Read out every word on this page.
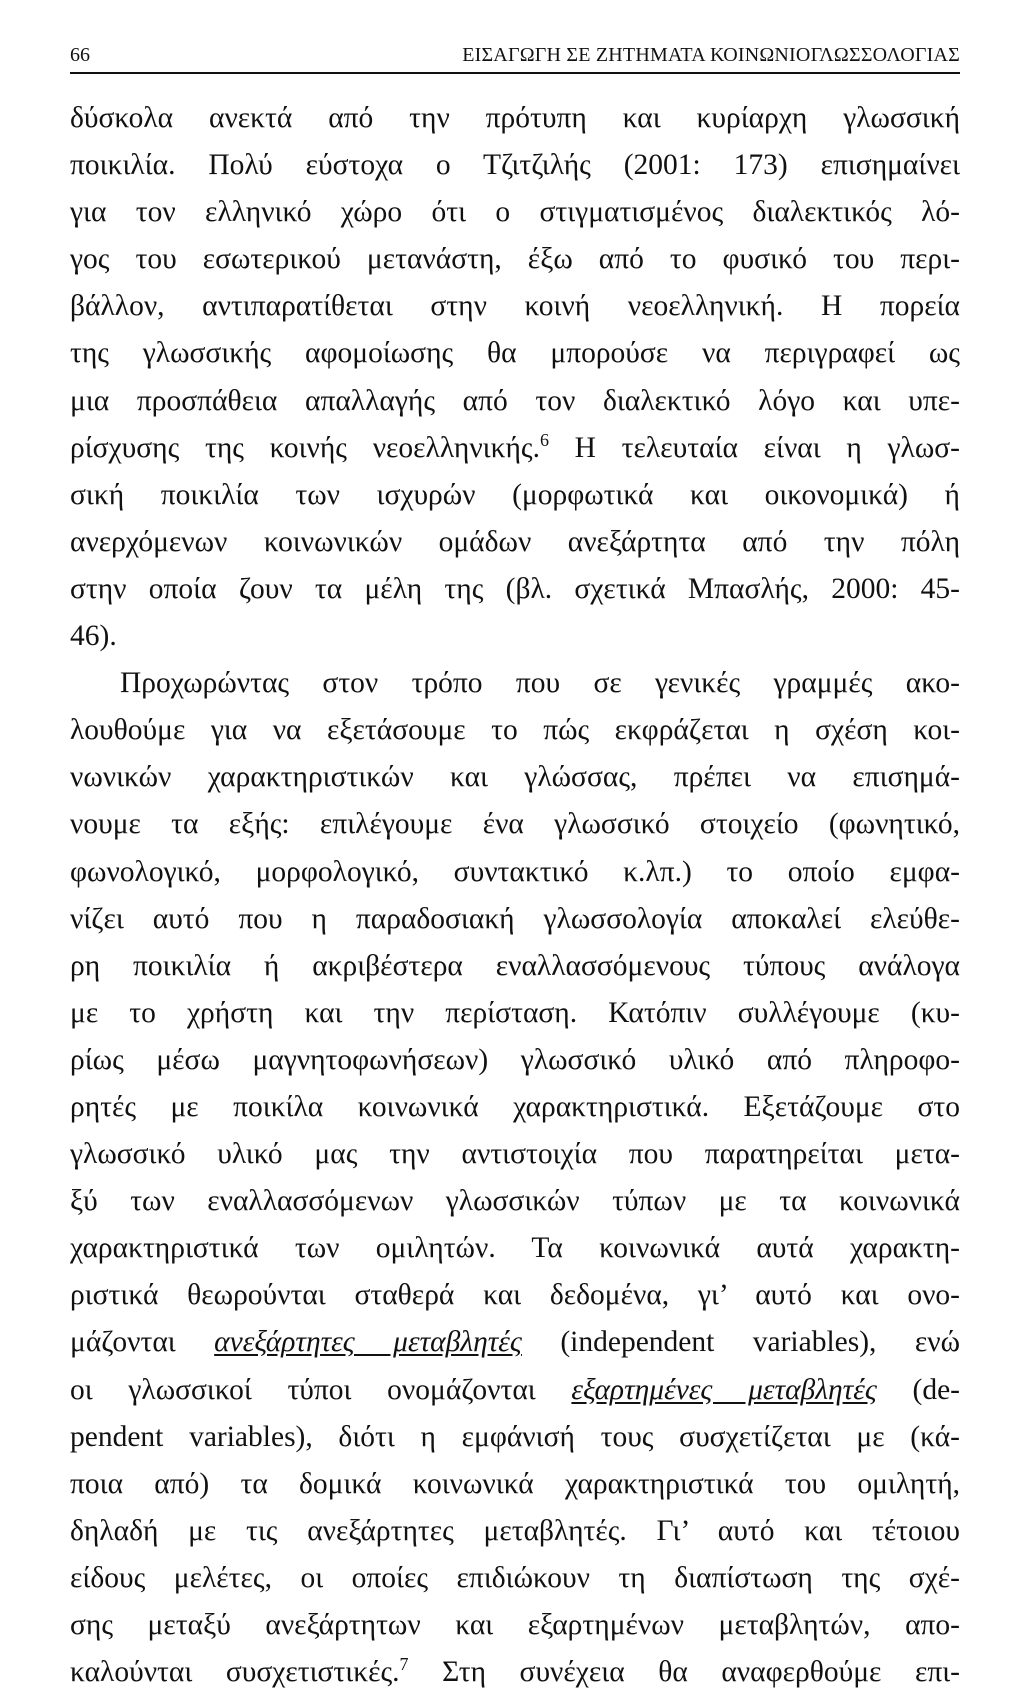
66	ΕΙΣΑΓΩΓΗ ΣΕ ΖΗΤΗΜΑΤΑ ΚΟΙΝΩΝΙΟΓΛΩΣΣΟΛΟΓΙΑΣ
δύσκολα ανεκτά από την πρότυπη και κυρίαρχη γλωσσική
ποικιλία. Πολύ εύστοχα ο Τζιτζιλής (2001: 173) επισημαίνει
για τον ελληνικό χώρο ότι ο στιγματισμένος διαλεκτικός λό-
γος του εσωτερικού μετανάστη, έξω από το φυσικό του περι-
βάλλον, αντιπαρατίθεται στην κοινή νεοελληνική. Η πορεία
της γλωσσικής αφομοίωσης θα μπορούσε να περιγραφεί ως
μια προσπάθεια απαλλαγής από τον διαλεκτικό λόγο και υπε-
ρίσχυσης της κοινής νεοελληνικής.$^6$ Η τελευταία είναι η γλωσ-
σική ποικιλία των ισχυρών (μορφωτικά και οικονομικά) ή
ανερχόμενων κοινωνικών ομάδων ανεξάρτητα από την πόλη
στην οποία ζουν τα μέλη της (βλ. σχετικά Μπασλής, 2000: 45-
46).
Προχωρώντας στον τρόπο που σε γενικές γραμμές ακο-
λουθούμε για να εξετάσουμε το πώς εκφράζεται η σχέση κοι-
νωνικών χαρακτηριστικών και γλώσσας, πρέπει να επισημά-
νουμε τα εξής: επιλέγουμε ένα γλωσσικό στοιχείο (φωνητικό,
φωνολογικό, μορφολογικό, συντακτικό κ.λπ.) το οποίο εμφα-
νίζει αυτό που η παραδοσιακή γλωσσολογία αποκαλεί ελεύθε-
ρη ποικιλία ή ακριβέστερα εναλλασσόμενους τύπους ανάλογα
με το χρήστη και την περίσταση. Κατόπιν συλλέγουμε (κυ-
ρίως μέσω μαγνητοφωνήσεων) γλωσσικό υλικό από πληροφο-
ρητές με ποικίλα κοινωνικά χαρακτηριστικά. Εξετάζουμε στο
γλωσσικό υλικό μας την αντιστοιχία που παρατηρείται μετα-
ξύ των εναλλασσόμενων γλωσσικών τύπων με τα κοινωνικά
χαρακτηριστικά των ομιλητών. Τα κοινωνικά αυτά χαρακτη-
ριστικά θεωρούνται σταθερά και δεδομένα, γι’ αυτό και ονο-
μάζονται ανεξάρτητες μεταβλητές (independent variables), ενώ
οι γλωσσικοί τύποι ονομάζονται εξαρτημένες μεταβλητές (de-
pendent variables), διότι η εμφάνισή τους συσχετίζεται με (κά-
ποια από) τα δομικά κοινωνικά χαρακτηριστικά του ομιλητή,
δηλαδή με τις ανεξάρτητες μεταβλητές. Γι’ αυτό και τέτοιου
είδους μελέτες, οι οποίες επιδιώκουν τη διαπίστωση της σχέ-
σης μεταξύ ανεξάρτητων και εξαρτημένων μεταβλητών, απο-
καλούνται συσχετιστικές.$^7$ Στη συνέχεια θα αναφερθούμε επι-
